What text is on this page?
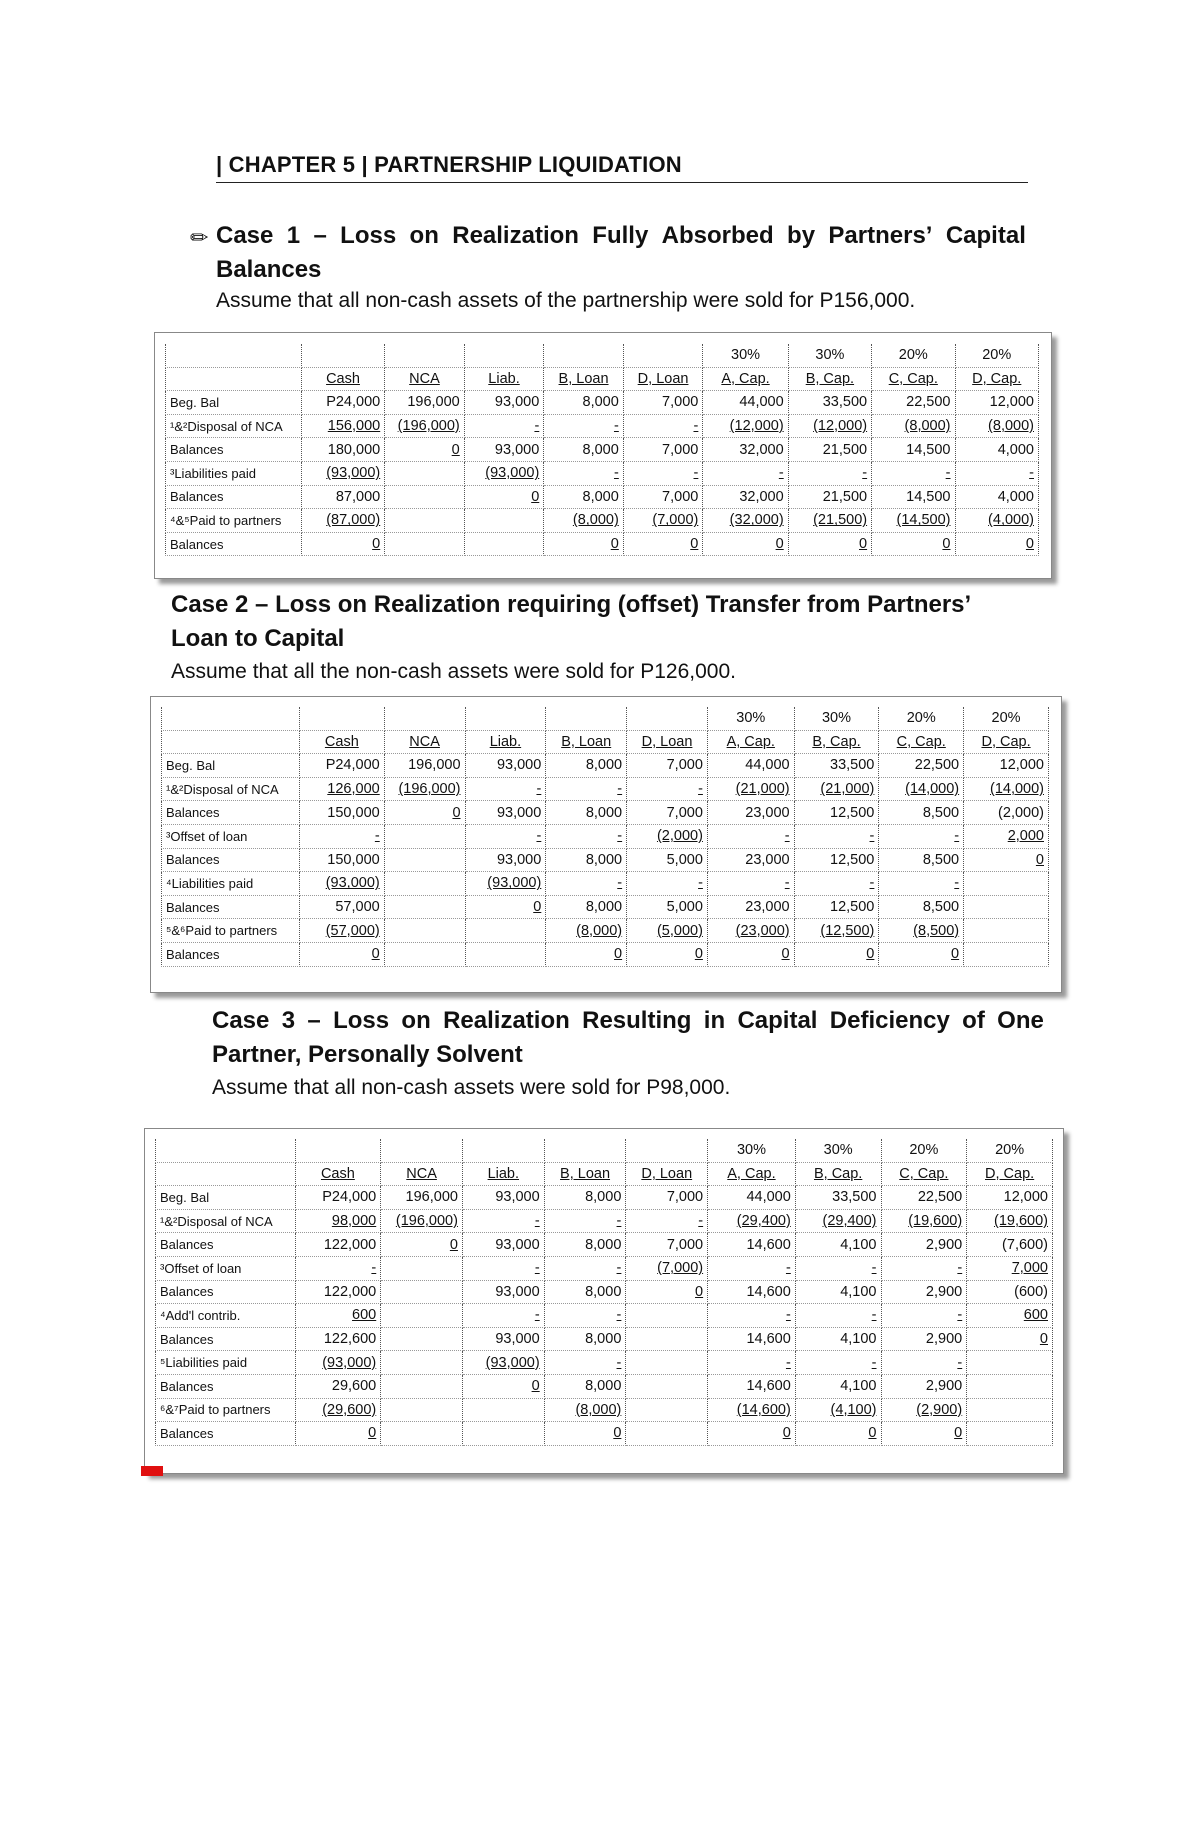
| CHAPTER 5 | PARTNERSHIP LIQUIDATION
✏ Case 1 – Loss on Realization Fully Absorbed by Partners’ Capital
Balances
Assume that all non-cash assets of the partnership were sold for P156,000.
						30%	30%	20%	20%
	Cash	NCA	Liab.	B, Loan	D, Loan	A, Cap.	B, Cap.	C, Cap.	D, Cap.
Beg. Bal	P24,000	196,000	93,000	8,000	7,000	44,000	33,500	22,500	12,000
¹&²Disposal of NCA	156,000	(196,000)	-	-	-	(12,000)	(12,000)	(8,000)	(8,000)
Balances	180,000	0	93,000	8,000	7,000	32,000	21,500	14,500	4,000
³Liabilities paid	(93,000)		(93,000)	-	-	-	-	-	-
Balances	87,000		0	8,000	7,000	32,000	21,500	14,500	4,000
⁴&⁵Paid to partners	(87,000)			(8,000)	(7,000)	(32,000)	(21,500)	(14,500)	(4,000)
Balances	0			0	0	0	0	0	0
Case 2 – Loss on Realization requiring (offset) Transfer from Partners’
Loan to Capital
Assume that all the non-cash assets were sold for P126,000.
						30%	30%	20%	20%
	Cash	NCA	Liab.	B, Loan	D, Loan	A, Cap.	B, Cap.	C, Cap.	D, Cap.
Beg. Bal	P24,000	196,000	93,000	8,000	7,000	44,000	33,500	22,500	12,000
¹&²Disposal of NCA	126,000	(196,000)	-	-	-	(21,000)	(21,000)	(14,000)	(14,000)
Balances	150,000	0	93,000	8,000	7,000	23,000	12,500	8,500	(2,000)
³Offset of loan	-		-	-	(2,000)	-	-	-	2,000
Balances	150,000		93,000	8,000	5,000	23,000	12,500	8,500	0
⁴Liabilities paid	(93,000)		(93,000)	-	-	-	-	-	
Balances	57,000		0	8,000	5,000	23,000	12,500	8,500	
⁵&⁶Paid to partners	(57,000)			(8,000)	(5,000)	(23,000)	(12,500)	(8,500)	
Balances	0			0	0	0	0	0	
Case 3 – Loss on Realization Resulting in Capital Deficiency of One
Partner, Personally Solvent
Assume that all non-cash assets were sold for P98,000.
						30%	30%	20%	20%
	Cash	NCA	Liab.	B, Loan	D, Loan	A, Cap.	B, Cap.	C, Cap.	D, Cap.
Beg. Bal	P24,000	196,000	93,000	8,000	7,000	44,000	33,500	22,500	12,000
¹&²Disposal of NCA	98,000	(196,000)	-	-	-	(29,400)	(29,400)	(19,600)	(19,600)
Balances	122,000	0	93,000	8,000	7,000	14,600	4,100	2,900	(7,600)
³Offset of loan	-		-	-	(7,000)	-	-	-	7,000
Balances	122,000		93,000	8,000	0	14,600	4,100	2,900	(600)
⁴Add'l contrib.	600		-	-		-	-	-	600
Balances	122,600		93,000	8,000		14,600	4,100	2,900	0
⁵Liabilities paid	(93,000)		(93,000)	-		-	-	-	
Balances	29,600		0	8,000		14,600	4,100	2,900	
⁶&⁷Paid to partners	(29,600)			(8,000)		(14,600)	(4,100)	(2,900)	
Balances	0			0		0	0	0	
